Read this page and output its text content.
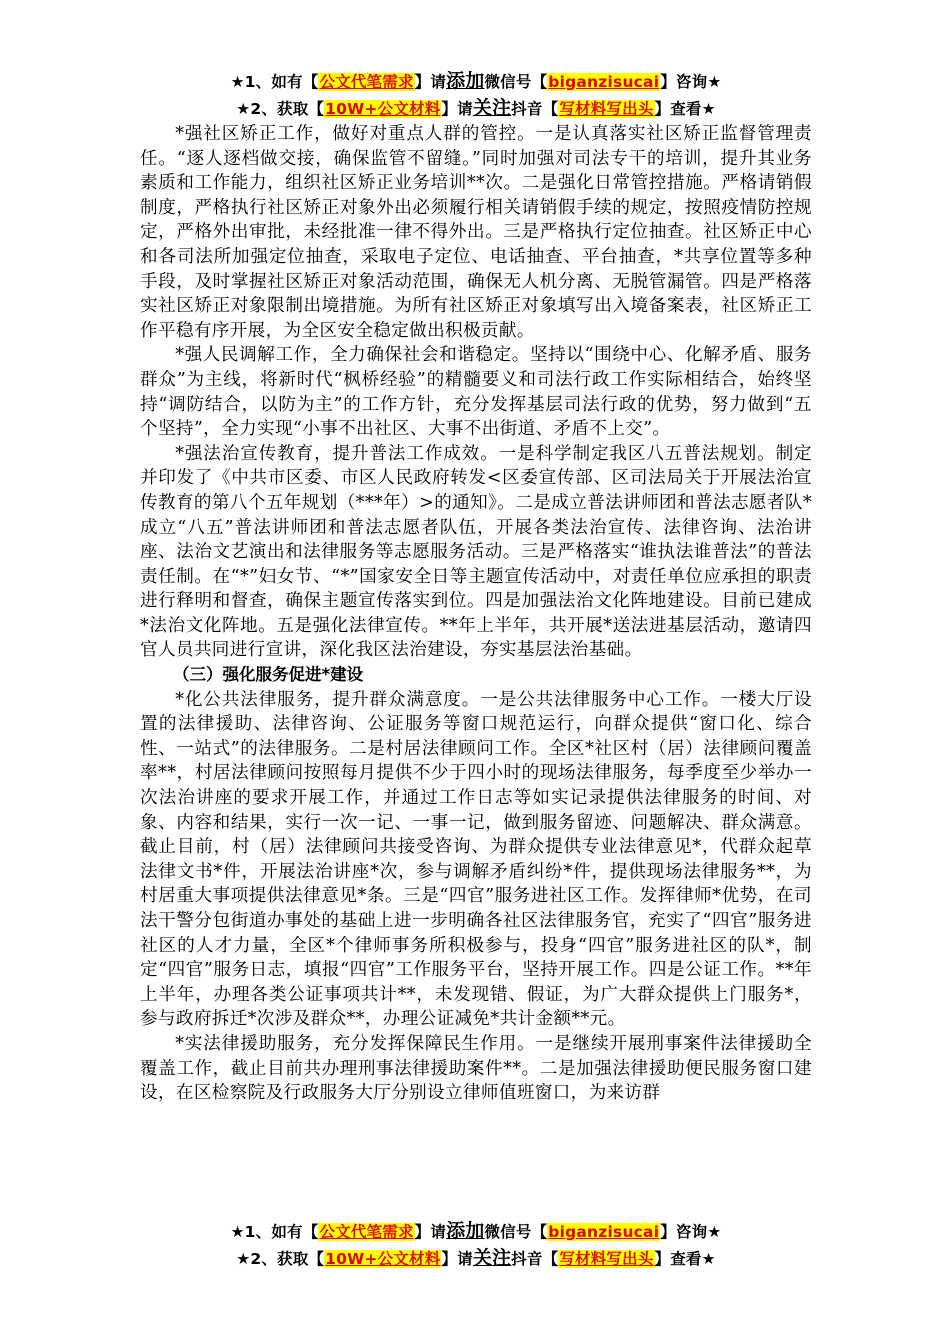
★1、如有【公文代笔需求】请添加微信号【biganzisucai】咨询★
★2、获取【10W+公文材料】请关注抖音【写材料写出头】查看★

*强社区矫正工作，做好对重点人群的管控。一是认真落实社区矫正监督管理责任。“逐人逐档做交接，确保监管不留缝。”同时加强对司法专干的培训，提升其业务素质和工作能力，组织社区矫正业务培训**次。二是强化日常管控措施。严格请销假制度，严格执行社区矫正对象外出必须履行相关请销假手续的规定，按照疫情防控规定，严格外出审批，未经批准一律不得外出。三是严格执行定位抽查。社区矫正中心和各司法所加强定位抽查，采取电子定位、电话抽查、平台抽查，*共享位置等多种手段，及时掌握社区矫正对象活动范围，确保无人机分离、无脱管漏管。四是严格落实社区矫正对象限制出境措施。为所有社区矫正对象填写出入境备案表，社区矫正工作平稳有序开展，为全区安全稳定做出积极贡献。

*强人民调解工作，全力确保社会和谐稳定。坚持以“围绕中心、化解矛盾、服务群众”为主线，将新时代“枫桥经验”的精髓要义和司法行政工作实际相结合，始终坚持“调防结合，以防为主”的工作方针，充分发挥基层司法行政的优势，努力做到“五个坚持”，全力实现“小事不出社区、大事不出街道、矛盾不上交”。

*强法治宣传教育，提升普法工作成效。一是科学制定我区八五普法规划。制定并印发了《中共市区委、市区人民政府转发<区委宣传部、区司法局关于开展法治宣传教育的第八个五年规划（***年）>的通知》。二是成立普法讲师团和普法志愿者队*成立“八五”普法讲师团和普法志愿者队伍，开展各类法治宣传、法律咨询、法治讲座、法治文艺演出和法律服务等志愿服务活动。三是严格落实“谁执法谁普法”的普法责任制。在“*”妇女节、“*”国家安全日等主题宣传活动中，对责任单位应承担的职责进行释明和督查，确保主题宣传落实到位。四是加强法治文化阵地建设。目前已建成*法治文化阵地。五是强化法律宣传。**年上半年，共开展*送法进基层活动，邀请四官人员共同进行宣讲，深化我区法治建设，夯实基层法治基础。

（三）强化服务促进*建设

*化公共法律服务，提升群众满意度。一是公共法律服务中心工作。一楼大厅设置的法律援助、法律咨询、公证服务等窗口规范运行，向群众提供“窗口化、综合性、一站式”的法律服务。二是村居法律顾问工作。全区*社区村（居）法律顾问覆盖率**，村居法律顾问按照每月提供不少于四小时的现场法律服务，每季度至少举办一次法治讲座的要求开展工作，并通过工作日志等如实记录提供法律服务的时间、对象、内容和结果，实行一次一记、一事一记，做到服务留迹、问题解决、群众满意。截止目前，村（居）法律顾问共接受咨询、为群众提供专业法律意见*，代群众起草法律文书*件，开展法治讲座*次，参与调解矛盾纠纷*件，提供现场法律服务**，为村居重大事项提供法律意见*条。三是“四官”服务进社区工作。发挥律师*优势，在司法干警分包街道办事处的基础上进一步明确各社区法律服务官，充实了“四官”服务进社区的人才力量，全区*个律师事务所积极参与，投身“四官”服务进社区的队*，制定“四官”服务日志，填报“四官”工作服务平台，坚持开展工作。四是公证工作。**年上半年，办理各类公证事项共计**，未发现错、假证，为广大群众提供上门服务*，参与政府拆迁*次涉及群众**，办理公证减免*共计金额**元。

*实法律援助服务，充分发挥保障民生作用。一是继续开展刑事案件法律援助全覆盖工作，截止目前共办理刑事法律援助案件**。二是加强法律援助便民服务窗口建设，在区检察院及行政服务大厅分别设立律师值班窗口，为来访群

★1、如有【公文代笔需求】请添加微信号【biganzisucai】咨询★
★2、获取【10W+公文材料】请关注抖音【写材料写出头】查看★
